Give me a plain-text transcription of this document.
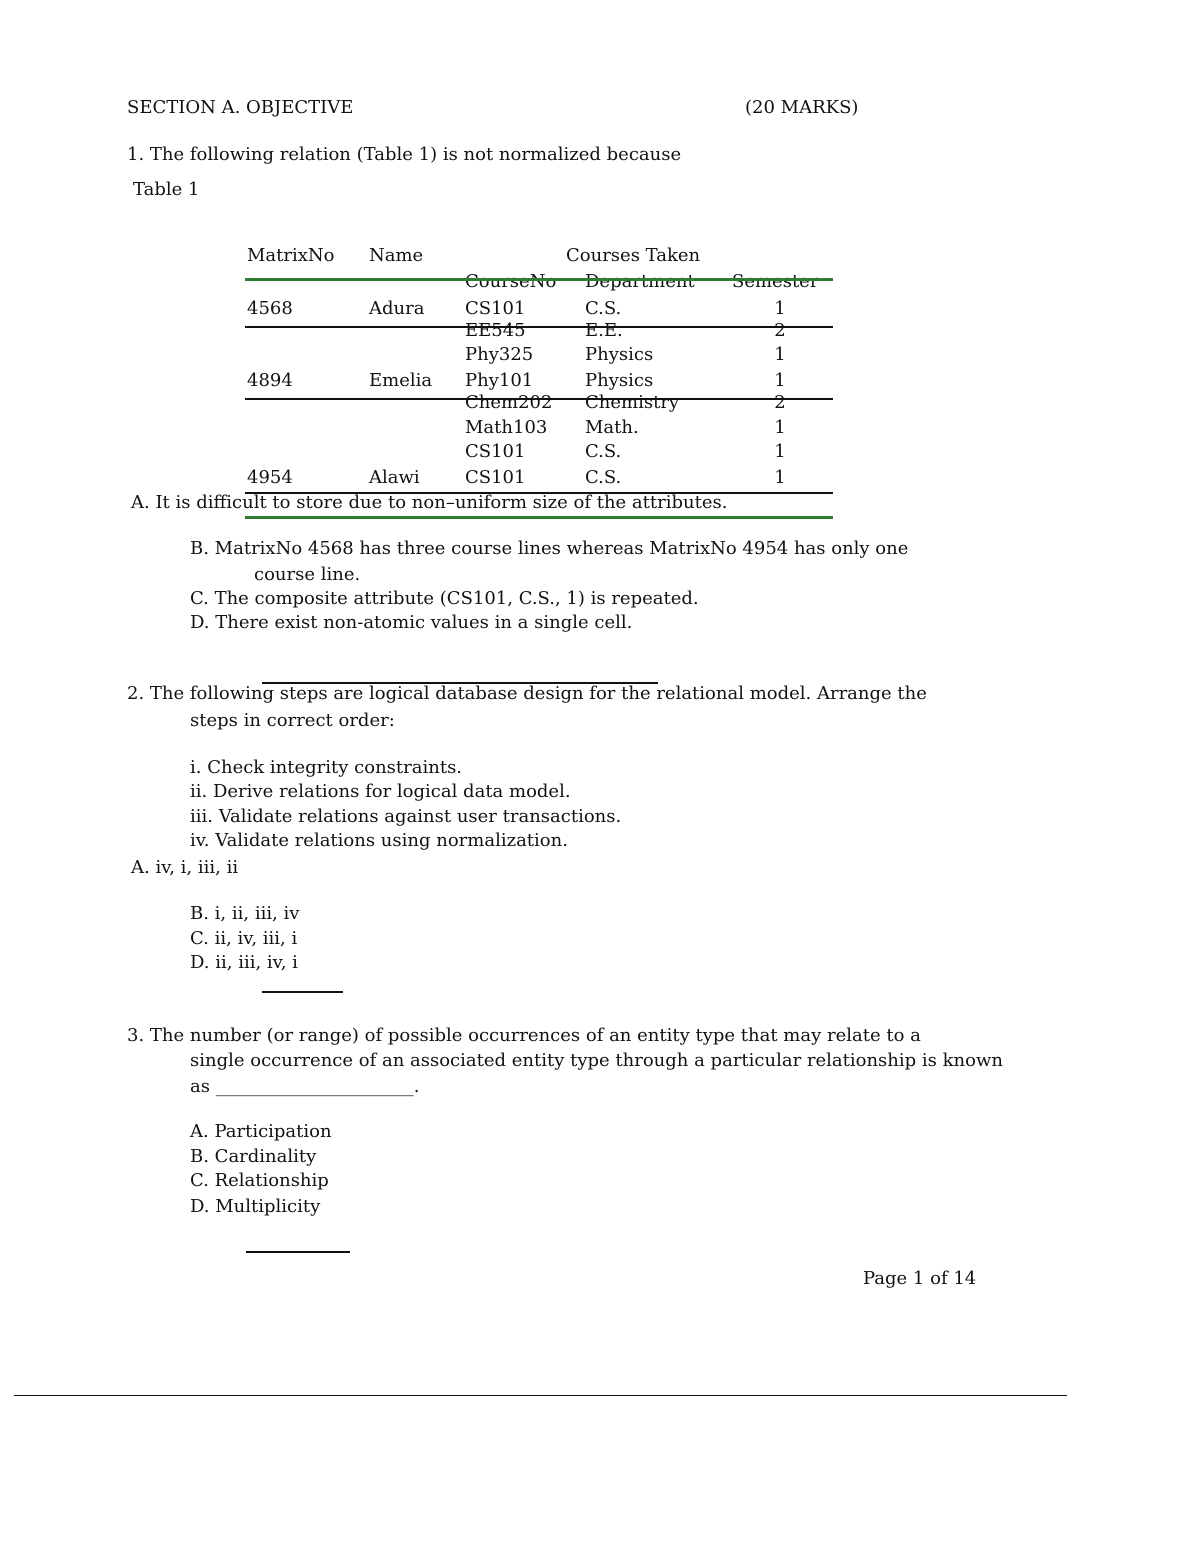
SECTION A. OBJECTIVE	(20 MARKS)
1. The following relation (Table 1) is not normalized because
Table 1
MatrixNo Name	Courses Taken
CourseNo Department Semester
4568	Adura CS101	C.S.	1
EE545	E.E.	2
Phy325	Physics	1
4894	Emelia Phy101	Physics	1
Chem202 Chemistry	2
Math103 Math.	1
CS101	C.S.	1
4954	Alawi	CS101	C.S.	1
A. It is difficult to store due to non–uniform size of the attributes.
B. MatrixNo 4568 has three course lines whereas MatrixNo 4954 has only one
course line.
C. The composite attribute (CS101, C.S., 1) is repeated.
D. There exist non-atomic values in a single cell.
2. The following steps are logical database design for the relational model. Arrange the
steps in correct order:
i. Check integrity constraints.
ii. Derive relations for logical data model.
iii. Validate relations against user transactions.
iv. Validate relations using normalization.
A. iv, i, iii, ii
B. i, ii, iii, iv
C. ii, iv, iii, i
D. ii, iii, iv, i
3. The number (or range) of possible occurrences of an entity type that may relate to a
single occurrence of an associated entity type through a particular relationship is known
as ______________________.
A. Participation
B. Cardinality
C. Relationship
D. Multiplicity
Page 1 of 14
